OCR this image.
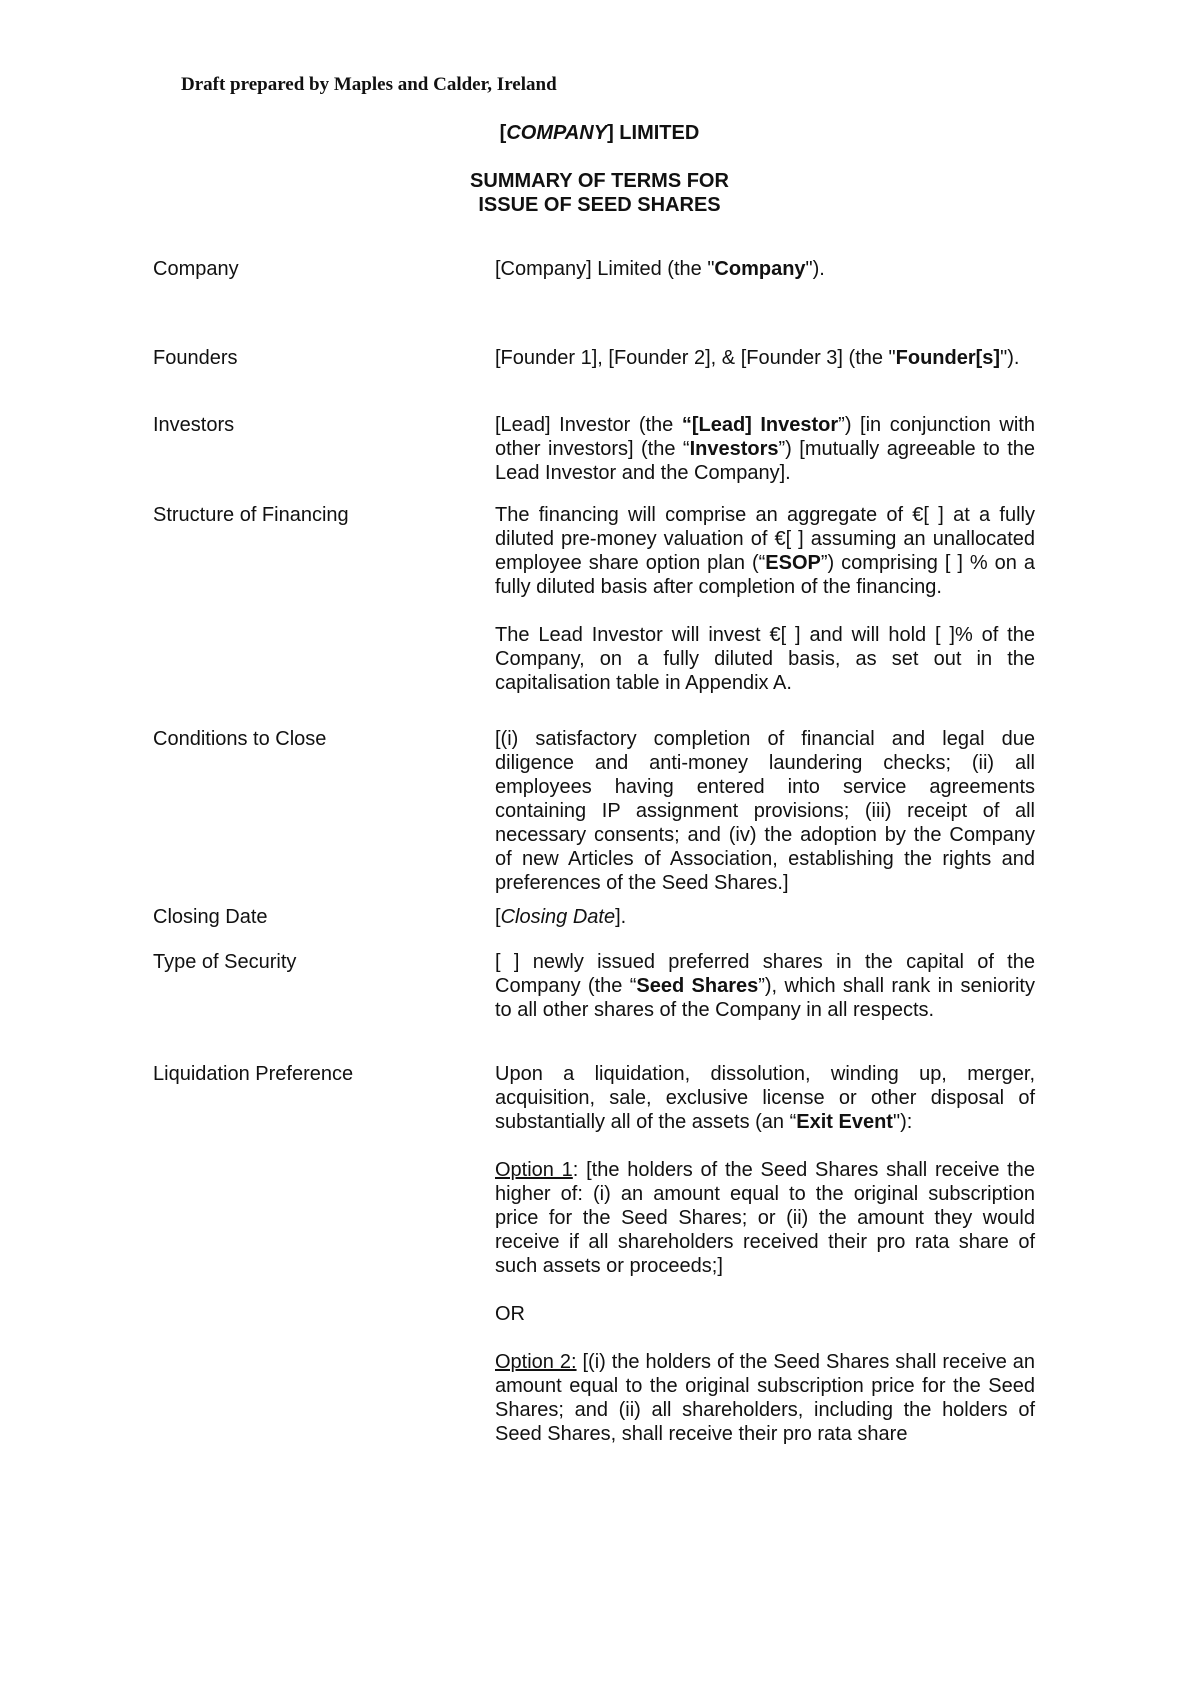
Draft prepared by Maples and Calder, Ireland
[COMPANY] LIMITED
SUMMARY OF TERMS FOR
ISSUE OF SEED SHARES
Company	[Company] Limited (the "Company").
Founders	[Founder 1], [Founder 2], & [Founder 3] (the "Founder[s]").
Investors	[Lead] Investor (the “[Lead] Investor”) [in conjunction with other investors] (the “Investors”) [mutually agreeable to the Lead Investor and the Company].
Structure of Financing	The financing will comprise an aggregate of €[ ] at a fully diluted pre-money valuation of €[ ] assuming an unallocated employee share option plan (“ESOP”) comprising [ ] % on a fully diluted basis after completion of the financing.

The Lead Investor will invest €[ ] and will hold [ ]% of the Company, on a fully diluted basis, as set out in the capitalisation table in Appendix A.

Conditions to Close	[(i) satisfactory completion of financial and legal due diligence and anti-money laundering checks; (ii) all employees having entered into service agreements containing IP assignment provisions; (iii) receipt of all necessary consents; and (iv) the adoption by the Company of new Articles of Association, establishing the rights and preferences of the Seed Shares.]
Closing Date	[Closing Date].
Type of Security	[ ] newly issued preferred shares in the capital of the Company (the “Seed Shares”), which shall rank in seniority to all other shares of the Company in all respects.
Liquidation Preference	Upon a liquidation, dissolution, winding up, merger, acquisition, sale, exclusive license or other disposal of substantially all of the assets (an “Exit Event"):

Option 1: [the holders of the Seed Shares shall receive the higher of: (i) an amount equal to the original subscription price for the Seed Shares; or (ii) the amount they would receive if all shareholders received their pro rata share of such assets or proceeds;]

OR

Option 2: [(i) the holders of the Seed Shares shall receive an amount equal to the original subscription price for the Seed Shares; and (ii) all shareholders, including the holders of Seed Shares, shall receive their pro rata share
